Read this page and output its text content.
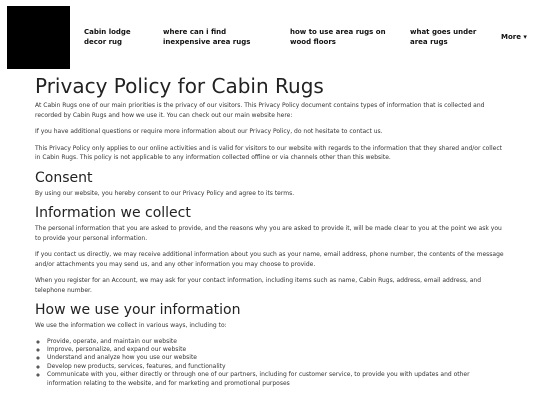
Cabin lodge decor rug
where can i find inexpensive area rugs
how to use area rugs on wood floors
what goes under area rugs
More ▾
Privacy Policy for Cabin Rugs

At Cabin Rugs one of our main priorities is the privacy of our visitors. This Privacy Policy document contains types of information that is collected and recorded by Cabin Rugs and how we use it. You can check out our main website here:

If you have additional questions or require more information about our Privacy Policy, do not hesitate to contact us.

This Privacy Policy only applies to our online activities and is valid for visitors to our website with regards to the information that they shared and/or collect in Cabin Rugs. This policy is not applicable to any information collected offline or via channels other than this website.

Consent

By using our website, you hereby consent to our Privacy Policy and agree to its terms.

Information we collect

The personal information that you are asked to provide, and the reasons why you are asked to provide it, will be made clear to you at the point we ask you to provide your personal information.

If you contact us directly, we may receive additional information about you such as your name, email address, phone number, the contents of the message and/or attachments you may send us, and any other information you may choose to provide.

When you register for an Account, we may ask for your contact information, including items such as name, Cabin Rugs, address, email address, and telephone number.

How we use your information

We use the information we collect in various ways, including to:

◦ Provide, operate, and maintain our website
◦ Improve, personalize, and expand our website
◦ Understand and analyze how you use our website
◦ Develop new products, services, features, and functionality
◦ Communicate with you, either directly or through one of our partners, including for customer service, to provide you with updates and other information relating to the website, and for marketing and promotional purposes
